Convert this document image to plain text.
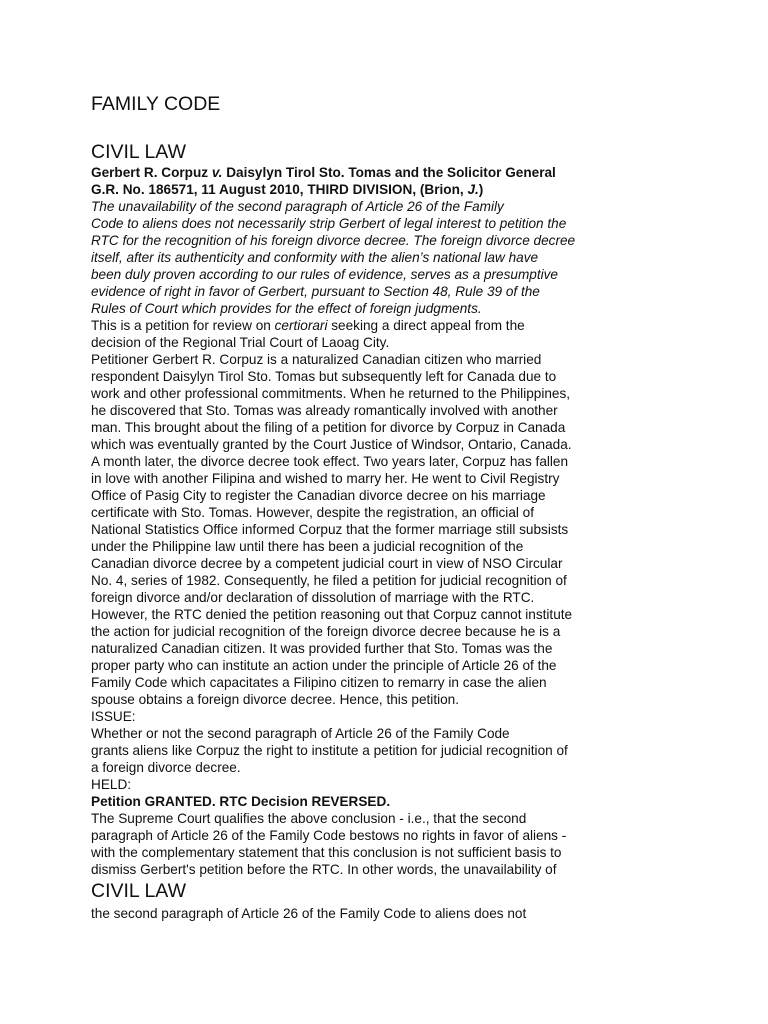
FAMILY CODE
CIVIL LAW
Gerbert R. Corpuz v. Daisylyn Tirol Sto. Tomas and the Solicitor General
G.R. No. 186571, 11 August 2010, THIRD DIVISION, (Brion, J.)
The unavailability of the second paragraph of Article 26 of the Family
Code to aliens does not necessarily strip Gerbert of legal interest to petition the
RTC for the recognition of his foreign divorce decree. The foreign divorce decree
itself, after its authenticity and conformity with the alien’s national law have
been duly proven according to our rules of evidence, serves as a presumptive
evidence of right in favor of Gerbert, pursuant to Section 48, Rule 39 of the
Rules of Court which provides for the effect of foreign judgments.
This is a petition for review on certiorari seeking a direct appeal from the
decision of the Regional Trial Court of Laoag City.
Petitioner Gerbert R. Corpuz is a naturalized Canadian citizen who married
respondent Daisylyn Tirol Sto. Tomas but subsequently left for Canada due to
work and other professional commitments. When he returned to the Philippines,
he discovered that Sto. Tomas was already romantically involved with another
man. This brought about the filing of a petition for divorce by Corpuz in Canada
which was eventually granted by the Court Justice of Windsor, Ontario, Canada.
A month later, the divorce decree took effect. Two years later, Corpuz has fallen
in love with another Filipina and wished to marry her. He went to Civil Registry
Office of Pasig City to register the Canadian divorce decree on his marriage
certificate with Sto. Tomas. However, despite the registration, an official of
National Statistics Office informed Corpuz that the former marriage still subsists
under the Philippine law until there has been a judicial recognition of the
Canadian divorce decree by a competent judicial court in view of NSO Circular
No. 4, series of 1982. Consequently, he filed a petition for judicial recognition of
foreign divorce and/or declaration of dissolution of marriage with the RTC.
However, the RTC denied the petition reasoning out that Corpuz cannot institute
the action for judicial recognition of the foreign divorce decree because he is a
naturalized Canadian citizen. It was provided further that Sto. Tomas was the
proper party who can institute an action under the principle of Article 26 of the
Family Code which capacitates a Filipino citizen to remarry in case the alien
spouse obtains a foreign divorce decree. Hence, this petition.
ISSUE:
Whether or not the second paragraph of Article 26 of the Family Code
grants aliens like Corpuz the right to institute a petition for judicial recognition of
a foreign divorce decree.
HELD:
Petition GRANTED. RTC Decision REVERSED.
The Supreme Court qualifies the above conclusion - i.e., that the second
paragraph of Article 26 of the Family Code bestows no rights in favor of aliens -
with the complementary statement that this conclusion is not sufficient basis to
dismiss Gerbert's petition before the RTC. In other words, the unavailability of
CIVIL LAW
the second paragraph of Article 26 of the Family Code to aliens does not
